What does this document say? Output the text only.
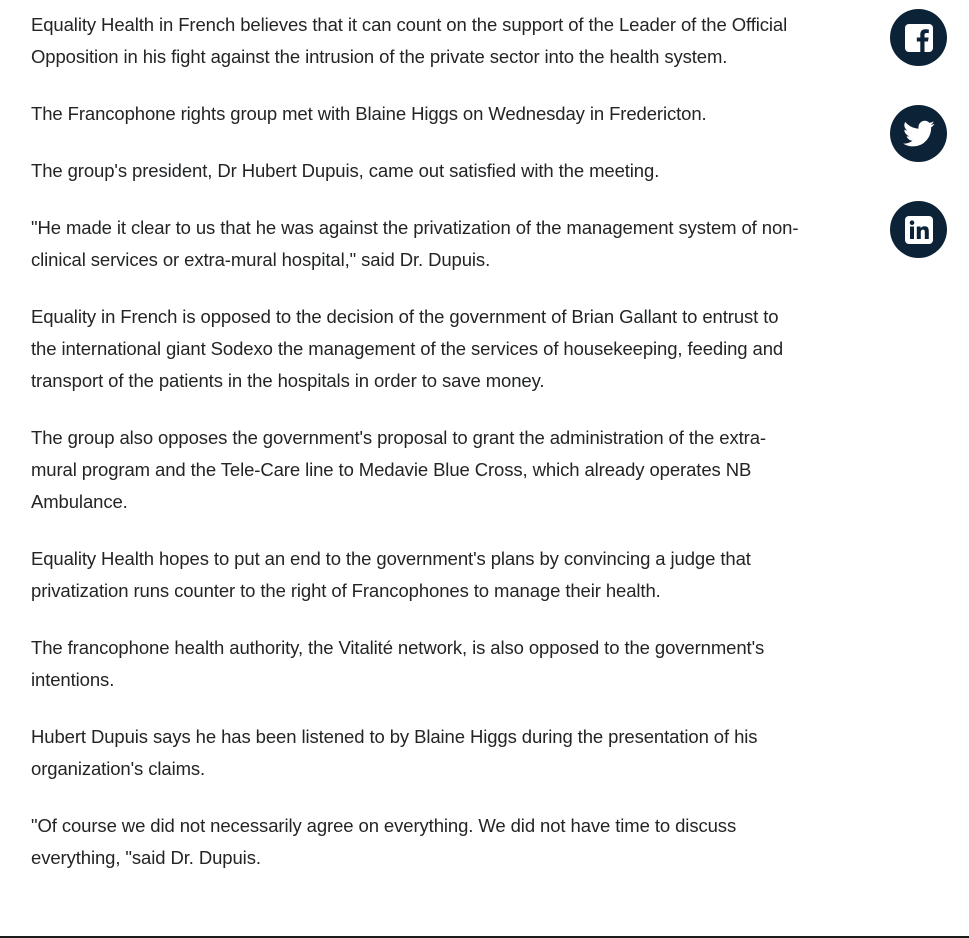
Equality Health in French believes that it can count on the support of the Leader of the Official Opposition in his fight against the intrusion of the private sector into the health system.

The Francophone rights group met with Blaine Higgs on Wednesday in Fredericton.

The group's president, Dr Hubert Dupuis, came out satisfied with the meeting.

"He made it clear to us that he was against the privatization of the management system of non-clinical services or extra-mural hospital," said Dr. Dupuis.

Equality in French is opposed to the decision of the government of Brian Gallant to entrust to the international giant Sodexo the management of the services of housekeeping, feeding and transport of the patients in the hospitals in order to save money.

The group also opposes the government's proposal to grant the administration of the extra-mural program and the Tele-Care line to Medavie Blue Cross, which already operates NB Ambulance.

Equality Health hopes to put an end to the government's plans by convincing a judge that privatization runs counter to the right of Francophones to manage their health.

The francophone health authority, the Vitalité network, is also opposed to the government's intentions.

Hubert Dupuis says he has been listened to by Blaine Higgs during the presentation of his organization's claims.

"Of course we did not necessarily agree on everything. We did not have time to discuss everything, "said Dr. Dupuis.
